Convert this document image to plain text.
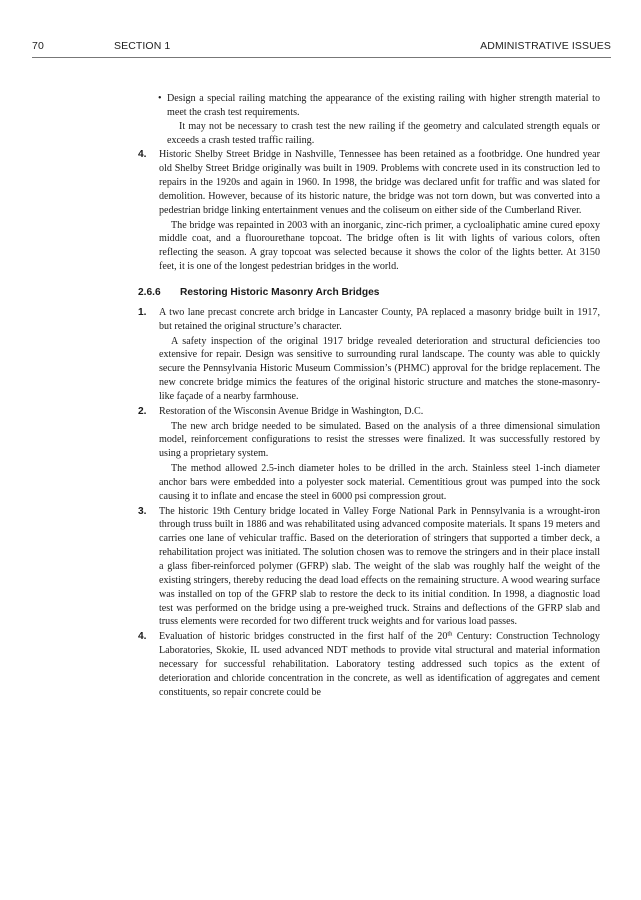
70	SECTION 1	ADMINISTRATIVE ISSUES
• Design a special railing matching the appearance of the existing railing with higher strength material to meet the crash test requirements.

It may not be necessary to crash test the new railing if the geometry and calculated strength equals or exceeds a crash tested traffic railing.

4. Historic Shelby Street Bridge in Nashville, Tennessee has been retained as a footbridge. One hundred year old Shelby Street Bridge originally was built in 1909. Problems with concrete used in its construction led to repairs in the 1920s and again in 1960. In 1998, the bridge was declared unfit for traffic and was slated for demolition. However, because of its historic nature, the bridge was not torn down, but was converted into a pedestrian bridge linking entertainment venues and the coliseum on either side of the Cumberland River.

The bridge was repainted in 2003 with an inorganic, zinc-rich primer, a cycloaliphatic amine cured epoxy middle coat, and a fluorourethane topcoat. The bridge often is lit with lights of various colors, often reflecting the season. A gray topcoat was selected because it shows the color of the lights better. At 3150 feet, it is one of the longest pedestrian bridges in the world.

2.6.6 Restoring Historic Masonry Arch Bridges
1. A two lane precast concrete arch bridge in Lancaster County, PA replaced a masonry bridge built in 1917, but retained the original structure’s character.

A safety inspection of the original 1917 bridge revealed deterioration and structural deficiencies too extensive for repair. Design was sensitive to surrounding rural landscape. The county was able to quickly secure the Pennsylvania Historic Museum Commission’s (PHMC) approval for the bridge replacement. The new concrete bridge mimics the features of the original historic structure and matches the stone-masonry-like façade of a nearby farmhouse.

2. Restoration of the Wisconsin Avenue Bridge in Washington, D.C.

The new arch bridge needed to be simulated. Based on the analysis of a three dimensional simulation model, reinforcement configurations to resist the stresses were finalized. It was successfully restored by using a proprietary system.

The method allowed 2.5-inch diameter holes to be drilled in the arch. Stainless steel 1-inch diameter anchor bars were embedded into a polyester sock material. Cementitious grout was pumped into the sock causing it to inflate and encase the steel in 6000 psi compression grout.

3. The historic 19th Century bridge located in Valley Forge National Park in Pennsylvania is a wrought-iron through truss built in 1886 and was rehabilitated using advanced composite materials. It spans 19 meters and carries one lane of vehicular traffic. Based on the deterioration of stringers that supported a timber deck, a rehabilitation project was initiated. The solution chosen was to remove the stringers and in their place install a glass fiber-reinforced polymer (GFRP) slab. The weight of the slab was roughly half the weight of the existing stringers, thereby reducing the dead load effects on the remaining structure. A wood wearing surface was installed on top of the GFRP slab to restore the deck to its initial condition. In 1998, a diagnostic load test was performed on the bridge using a pre-weighed truck. Strains and deflections of the GFRP slab and truss elements were recorded for two different truck weights and for various load passes.

4. Evaluation of historic bridges constructed in the first half of the 20th Century: Construction Technology Laboratories, Skokie, IL used advanced NDT methods to provide vital structural and material information necessary for successful rehabilitation. Laboratory testing addressed such topics as the extent of deterioration and chloride concentration in the concrete, as well as identification of aggregates and cement constituents, so repair concrete could be
